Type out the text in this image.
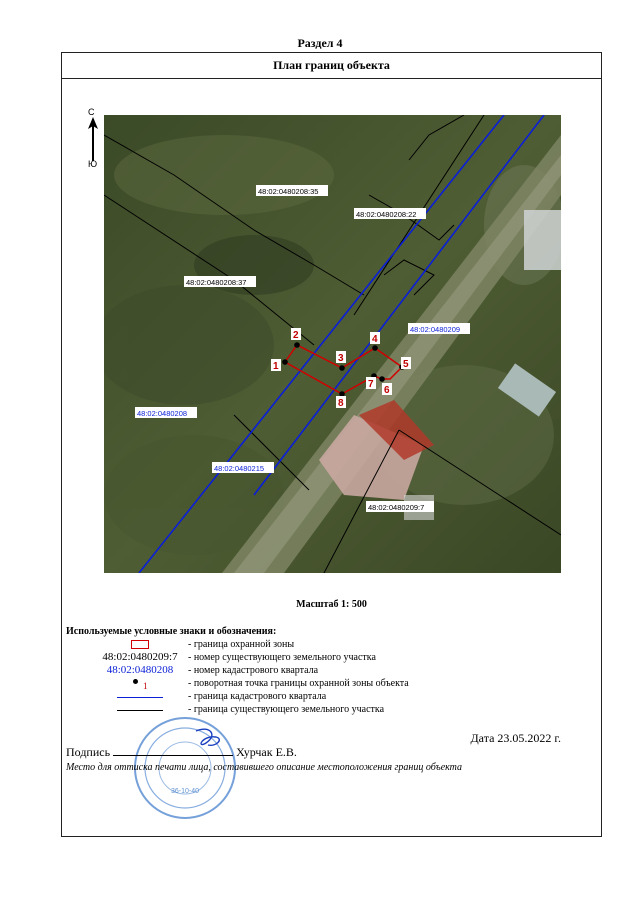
Раздел 4
План границ объекта
С
Ю
1
2
3
4
5
6
7
8
48:02:0480208:35
48:02:0480208:22
48:02:0480208:37
48:02:0480209:7
48:02:0480209
48:02:0480208
48:02:0480215
Масштаб 1: 500
Используемые условные знаки и обозначения:
- граница охранной зоны
48:02:0480209:7	- номер существующего земельного участка
48:02:0480208	- номер кадастрового квартала
1	- поворотная точка границы охранной зоны объекта
- граница кадастрового квартала
- граница существующего земельного участка
Дата 23.05.2022 г.
36-10-40
Подпись	Хурчак Е.В.
Место для оттиска печати лица, составившего описание местоположения границ объекта
